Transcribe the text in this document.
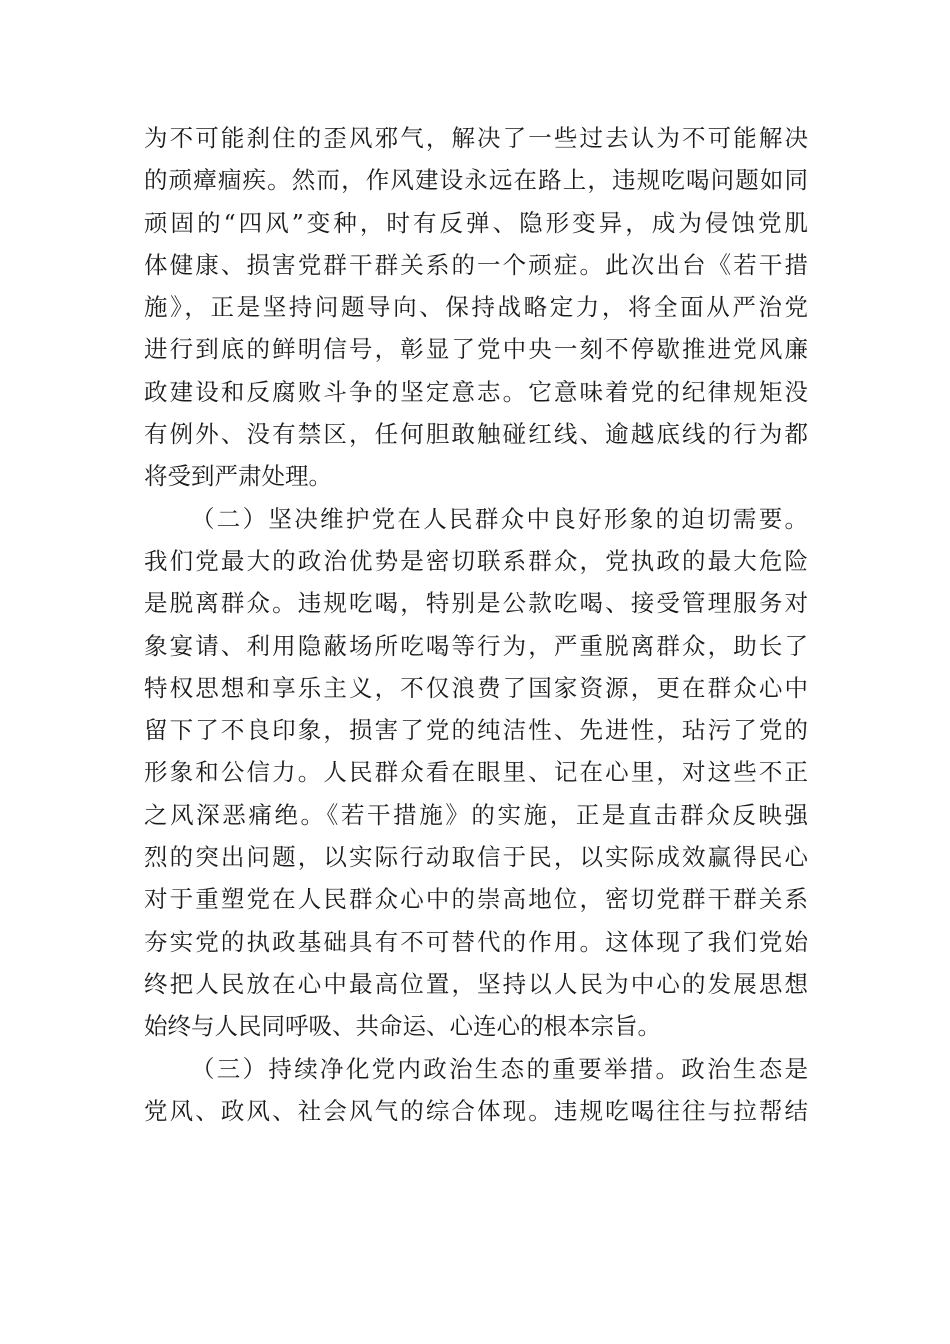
为不可能刹住的歪风邪气，解决了一些过去认为不可能解决
的顽瘴痼疾。然而，作风建设永远在路上，违规吃喝问题如同
顽固的“四风”变种，时有反弹、隐形变异，成为侵蚀党肌
体健康、损害党群干群关系的一个顽症。此次出台《若干措
施》，正是坚持问题导向、保持战略定力，将全面从严治党
进行到底的鲜明信号，彰显了党中央一刻不停歇推进党风廉
政建设和反腐败斗争的坚定意志。它意味着党的纪律规矩没
有例外、没有禁区，任何胆敢触碰红线、逾越底线的行为都
将受到严肃处理。
（二）坚决维护党在人民群众中良好形象的迫切需要。
我们党最大的政治优势是密切联系群众，党执政的最大危险
是脱离群众。违规吃喝，特别是公款吃喝、接受管理服务对
象宴请、利用隐蔽场所吃喝等行为，严重脱离群众，助长了
特权思想和享乐主义，不仅浪费了国家资源，更在群众心中
留下了不良印象，损害了党的纯洁性、先进性，玷污了党的
形象和公信力。人民群众看在眼里、记在心里，对这些不正
之风深恶痛绝。《若干措施》的实施，正是直击群众反映强
烈的突出问题，以实际行动取信于民，以实际成效赢得民心
对于重塑党在人民群众心中的崇高地位，密切党群干群关系
夯实党的执政基础具有不可替代的作用。这体现了我们党始
终把人民放在心中最高位置，坚持以人民为中心的发展思想
始终与人民同呼吸、共命运、心连心的根本宗旨。
（三）持续净化党内政治生态的重要举措。政治生态是
党风、政风、社会风气的综合体现。违规吃喝往往与拉帮结
